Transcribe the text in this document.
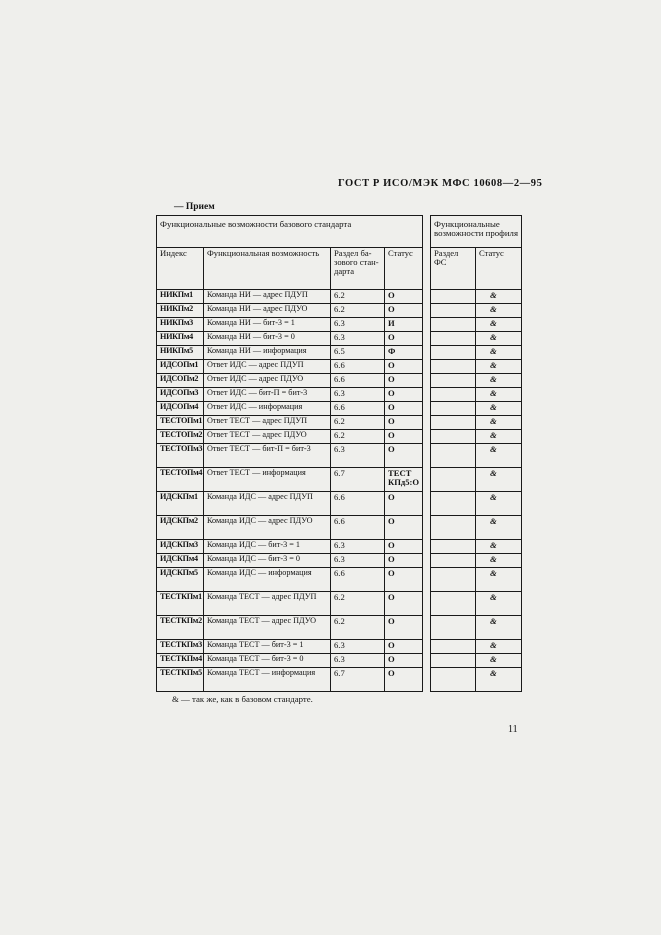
ГОСТ Р ИСО/МЭК МФС 10608—2—95
— Прием
Функциональные возможности базового стандарта			
Индекс	Функциональная возможность	Раздел ба-зового стан-дарта	Статус
НИКПм1	Команда НИ — адрес ПДУП	6.2	О
НИКПм2	Команда НИ — адрес ПДУО	6.2	О
НИКПм3	Команда НИ — бит-3 = 1	6.3	И
НИКПм4	Команда НИ — бит-3 = 0	6.3	О
НИКПм5	Команда НИ — информация	6.5	Ф
ИДСОПм1	Ответ ИДС — адрес ПДУП	6.6	О
ИДСОПм2	Ответ ИДС — адрес ПДУО	6.6	О
ИДСОПм3	Ответ ИДС — бит-П = бит-3	6.3	О
ИДСОПм4	Ответ ИДС — информация	6.6	О
ТЕСТОПм1	Ответ ТЕСТ — адрес ПДУП	6.2	О
ТЕСТОПм2	Ответ ТЕСТ — адрес ПДУО	6.2	О
ТЕСТОПм3	Ответ ТЕСТ — бит-П = бит-3	6.3	О
ТЕСТОПм4	Ответ ТЕСТ — информация	6.7	ТЕСТ КПд5:О
ИДСКПм1	Команда ИДС — адрес ПДУП	6.6	О
ИДСКПм2	Команда ИДС — адрес ПДУО	6.6	О
ИДСКПм3	Команда ИДС — бит-3 = 1	6.3	О
ИДСКПм4	Команда ИДС — бит-3 = 0	6.3	О
ИДСКПм5	Команда ИДС — информация	6.6	О
ТЕСТКПм1	Команда ТЕСТ — адрес ПДУП	6.2	О
ТЕСТКПм2	Команда ТЕСТ — адрес ПДУО	6.2	О
ТЕСТКПм3	Команда ТЕСТ — бит-3 = 1	6.3	О
ТЕСТКПм4	Команда ТЕСТ — бит-3 = 0	6.3	О
ТЕСТКПм5	Команда ТЕСТ — информация	6.7	О
Функциональные возможности профиля	
Раздел ФС	Статус
	&
	&
	&
	&
	&
	&
	&
	&
	&
	&
	&
	&
	&
	&
	&
	&
	&
	&
	&
	&
	&
	&
	&
& — так же, как в базовом стандарте.
11
